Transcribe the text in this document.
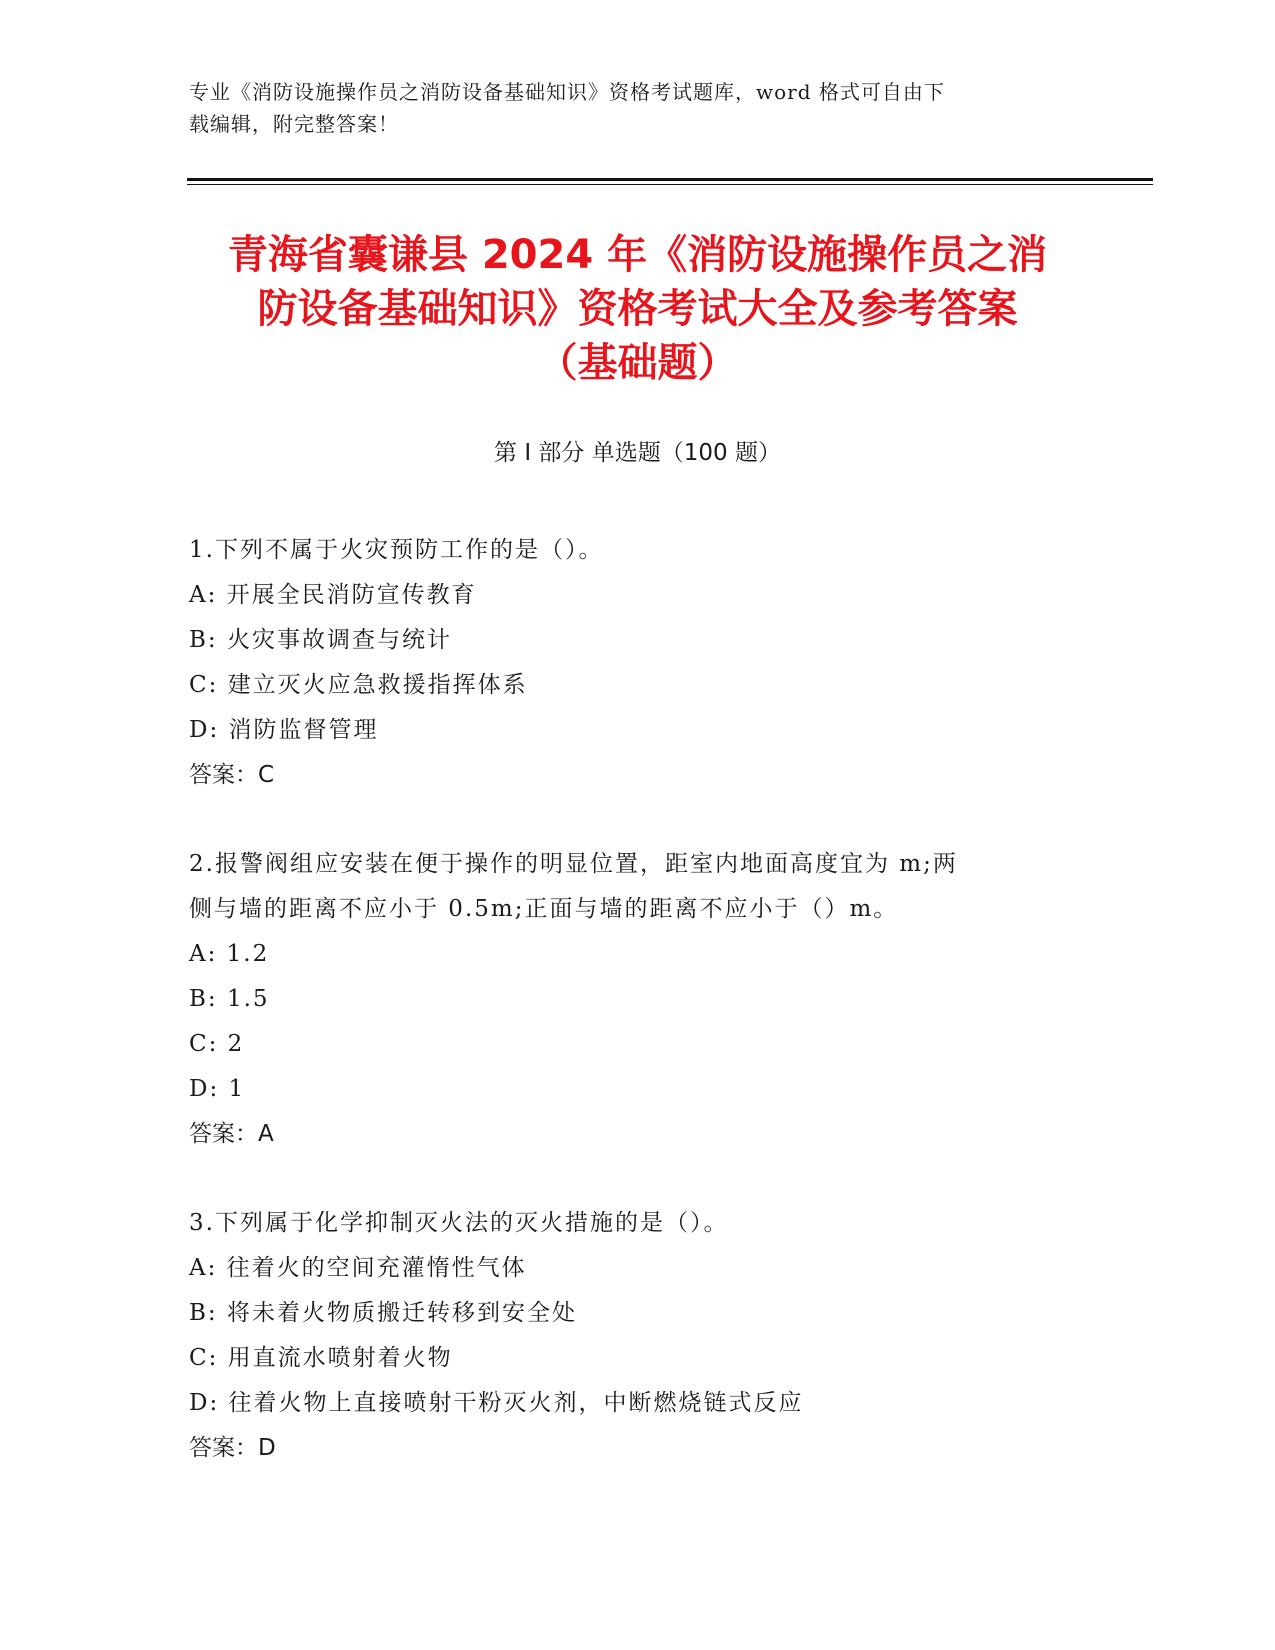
专业《消防设施操作员之消防设备基础知识》资格考试题库，word 格式可自由下
载编辑，附完整答案！
青海省囊谦县 2024 年《消防设施操作员之消
防设备基础知识》资格考试大全及参考答案
（基础题）
第 I 部分 单选题（100 题）
1.下列不属于火灾预防工作的是（）。
A: 开展全民消防宣传教育
B: 火灾事故调查与统计
C: 建立灭火应急救援指挥体系
D: 消防监督管理
答案：C
2.报警阀组应安装在便于操作的明显位置，距室内地面高度宜为 m;两
侧与墙的距离不应小于 0.5m;正面与墙的距离不应小于（）m。
A: 1.2
B: 1.5
C: 2
D: 1
答案：A
3.下列属于化学抑制灭火法的灭火措施的是（）。
A: 往着火的空间充灌惰性气体
B: 将未着火物质搬迁转移到安全处
C: 用直流水喷射着火物
D: 往着火物上直接喷射干粉灭火剂，中断燃烧链式反应
答案：D
